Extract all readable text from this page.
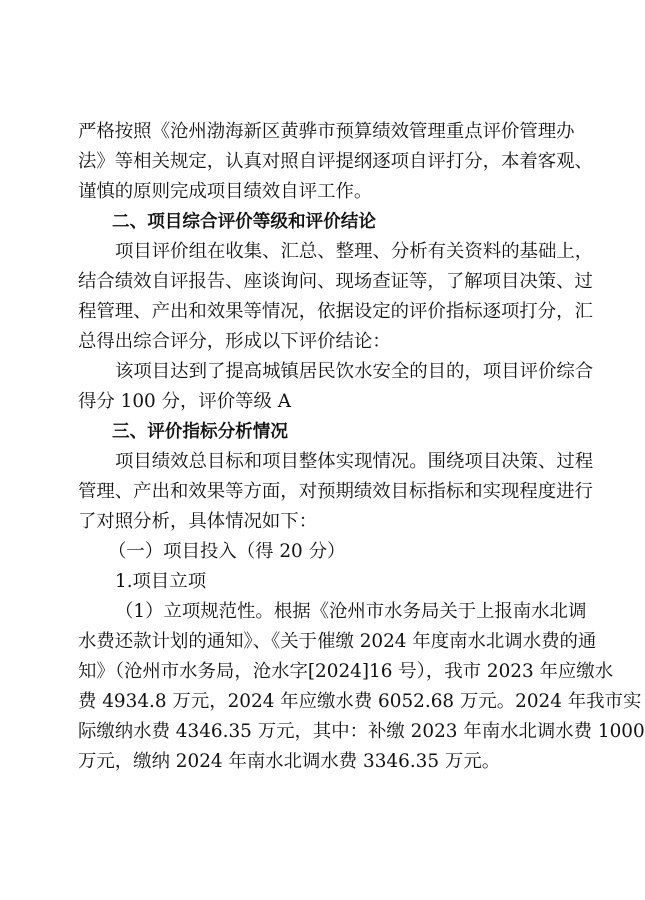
严格按照《沧州渤海新区黄骅市预算绩效管理重点评价管理办
法》等相关规定，认真对照自评提纲逐项自评打分，本着客观、
谨慎的原则完成项目绩效自评工作。
二、项目综合评价等级和评价结论
项目评价组在收集、汇总、整理、分析有关资料的基础上，
结合绩效自评报告、座谈询问、现场查证等，了解项目决策、过
程管理、产出和效果等情况，依据设定的评价指标逐项打分，汇
总得出综合评分，形成以下评价结论：
该项目达到了提高城镇居民饮水安全的目的，项目评价综合
得分 100 分，评价等级 A
三、评价指标分析情况
项目绩效总目标和项目整体实现情况。围绕项目决策、过程
管理、产出和效果等方面，对预期绩效目标指标和实现程度进行
了对照分析，具体情况如下：
（一）项目投入（得 20 分）
1.项目立项
（1）立项规范性。根据《沧州市水务局关于上报南水北调
水费还款计划的通知》、《关于催缴 2024 年度南水北调水费的通
知》（沧州市水务局，沧水字[2024]16 号），我市 2023 年应缴水
费 4934.8 万元，2024 年应缴水费 6052.68 万元。2024 年我市实
际缴纳水费 4346.35 万元，其中：补缴 2023 年南水北调水费 1000
万元，缴纳 2024 年南水北调水费 3346.35 万元。
